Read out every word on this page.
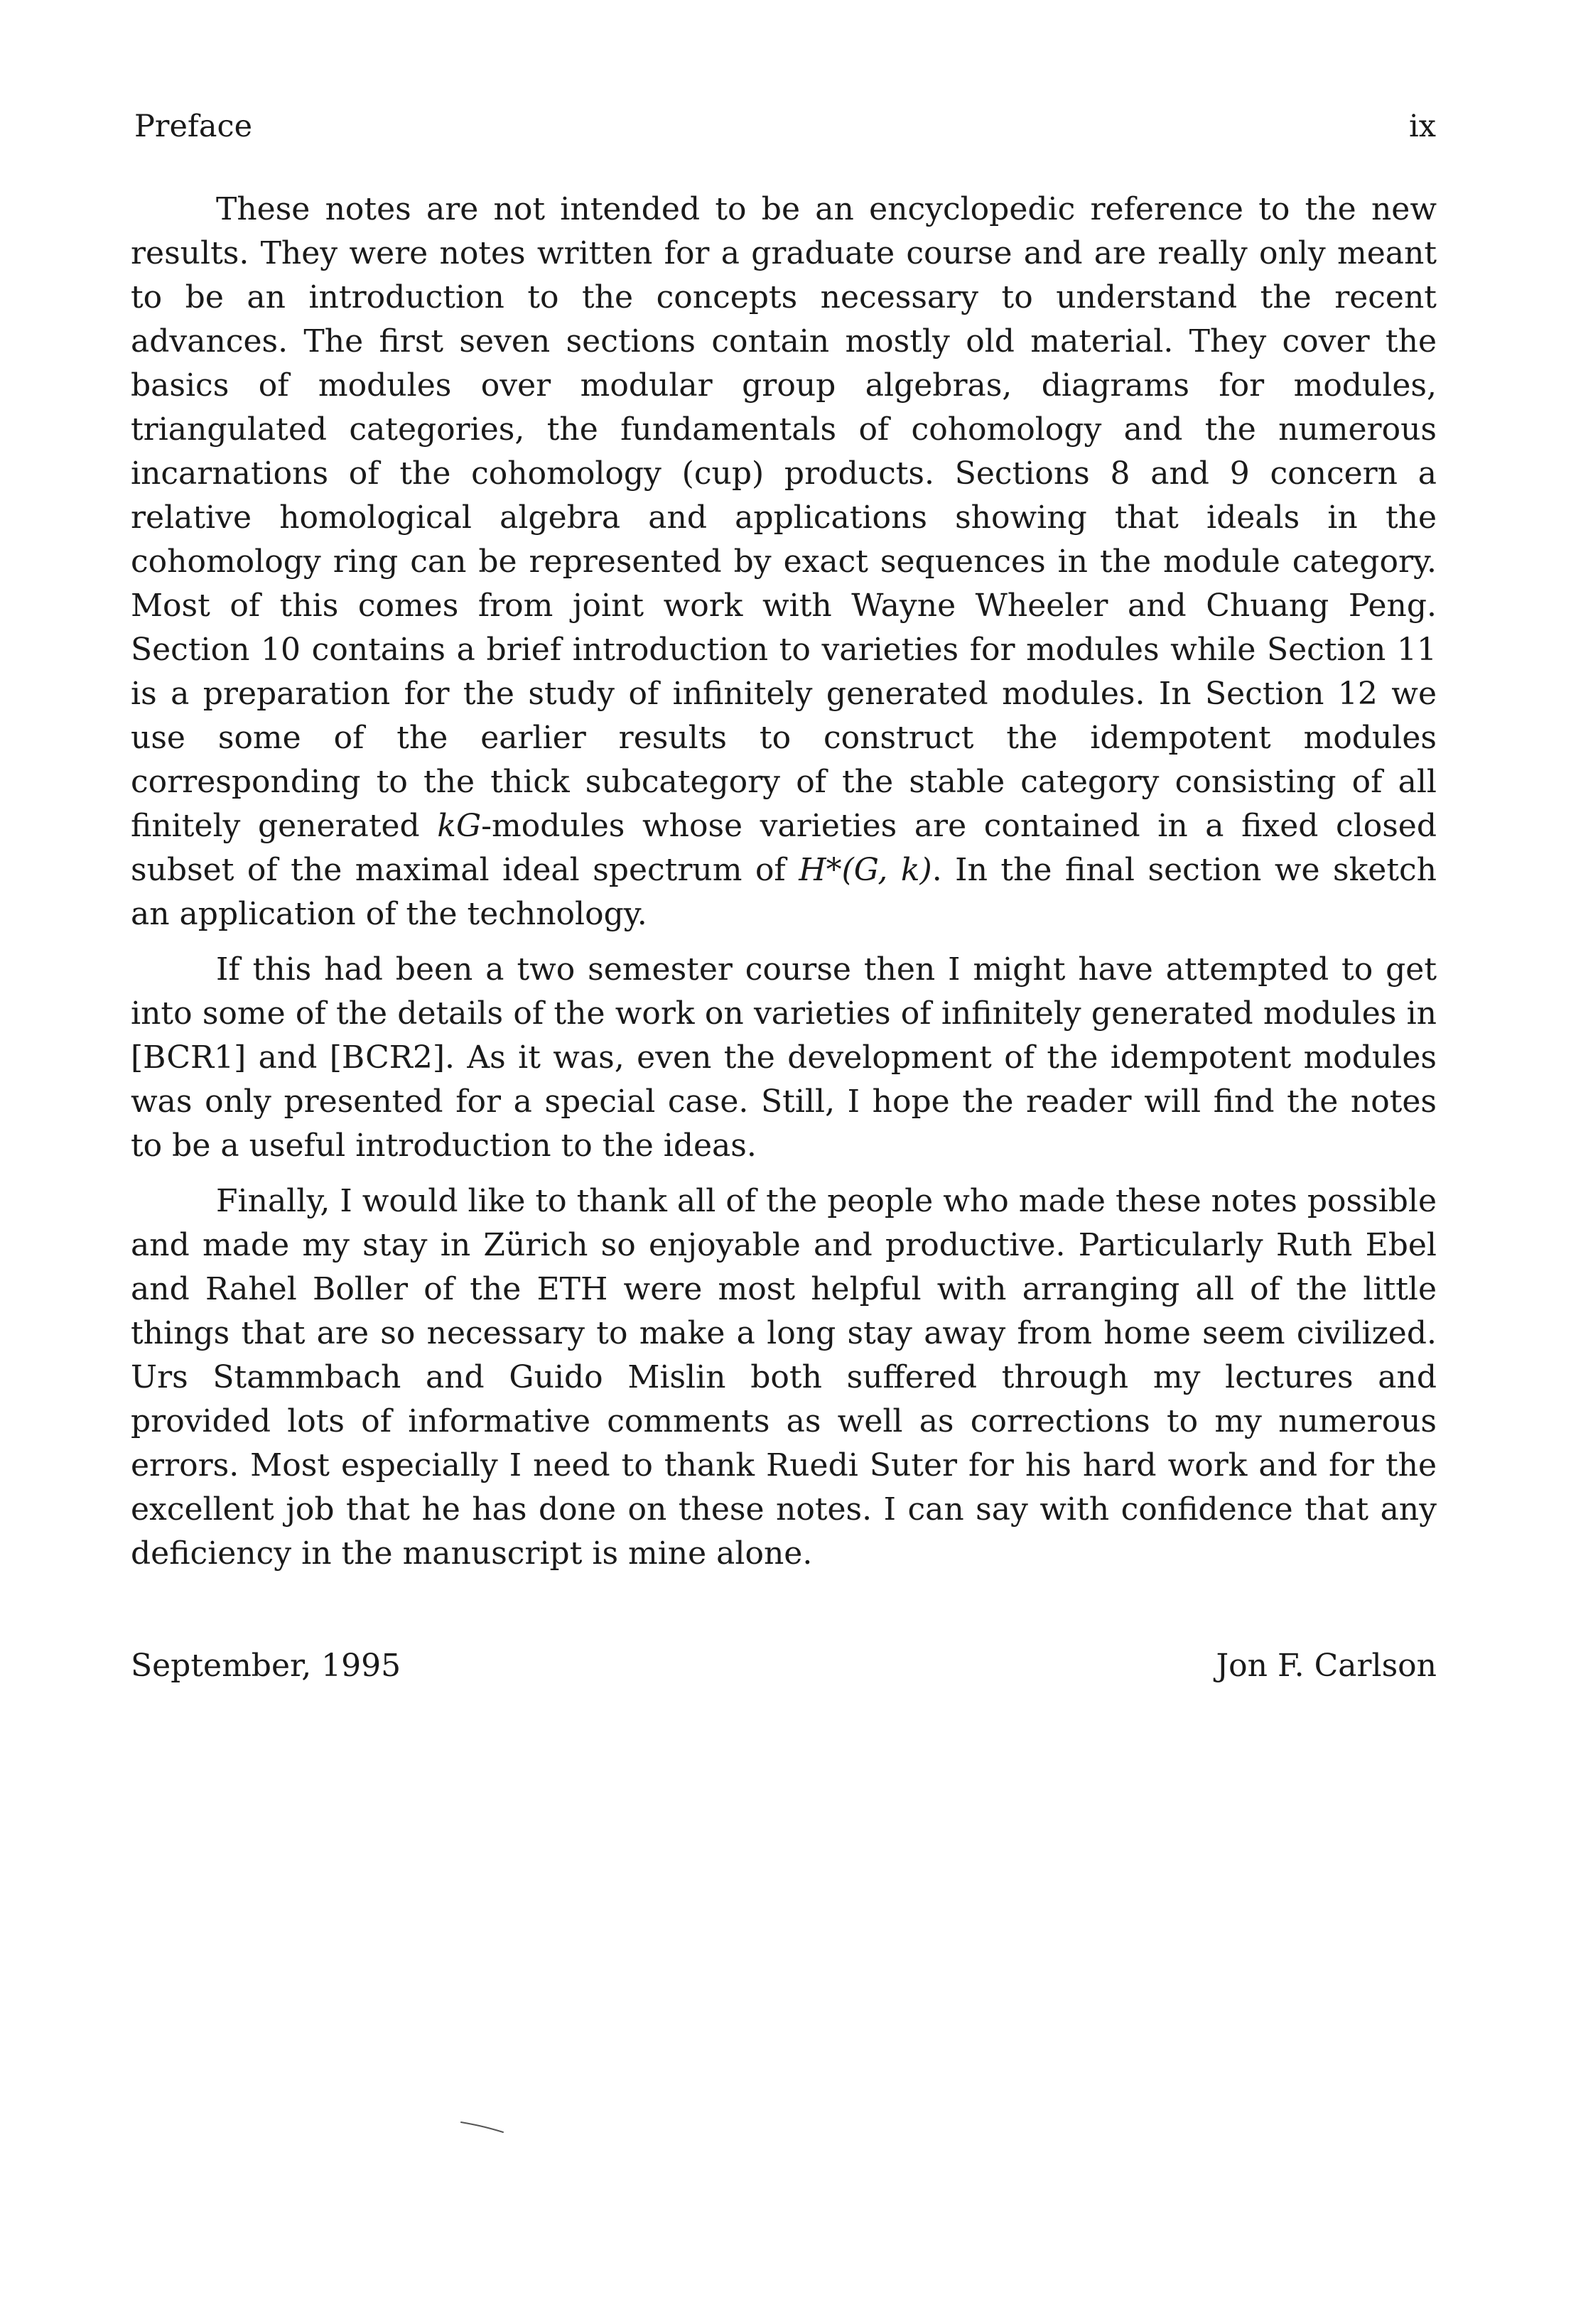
Preface	ix

These notes are not intended to be an encyclopedic reference to the new results. They were notes written for a graduate course and are really only meant to be an introduction to the concepts necessary to understand the recent advances. The first seven sections contain mostly old material. They cover the basics of modules over modular group algebras, diagrams for modules, triangulated categories, the fundamentals of cohomology and the numerous incarnations of the cohomology (cup) products. Sections 8 and 9 concern a relative homological algebra and applications showing that ideals in the cohomology ring can be represented by exact sequences in the module category. Most of this comes from joint work with Wayne Wheeler and Chuang Peng. Section 10 contains a brief introduction to varieties for modules while Section 11 is a preparation for the study of infinitely generated modules. In Section 12 we use some of the earlier results to construct the idempotent modules corresponding to the thick subcategory of the stable category consisting of all finitely generated kG-modules whose varieties are contained in a fixed closed subset of the maximal ideal spectrum of H*(G, k). In the final section we sketch an application of the technology.

If this had been a two semester course then I might have attempted to get into some of the details of the work on varieties of infinitely generated modules in [BCR1] and [BCR2]. As it was, even the development of the idempotent modules was only presented for a special case. Still, I hope the reader will find the notes to be a useful introduction to the ideas.

Finally, I would like to thank all of the people who made these notes possible and made my stay in Zürich so enjoyable and productive. Particularly Ruth Ebel and Rahel Boller of the ETH were most helpful with arranging all of the little things that are so necessary to make a long stay away from home seem civilized. Urs Stammbach and Guido Mislin both suffered through my lectures and provided lots of informative comments as well as corrections to my numerous errors. Most especially I need to thank Ruedi Suter for his hard work and for the excellent job that he has done on these notes. I can say with confidence that any deficiency in the manuscript is mine alone.

September, 1995	Jon F. Carlson
